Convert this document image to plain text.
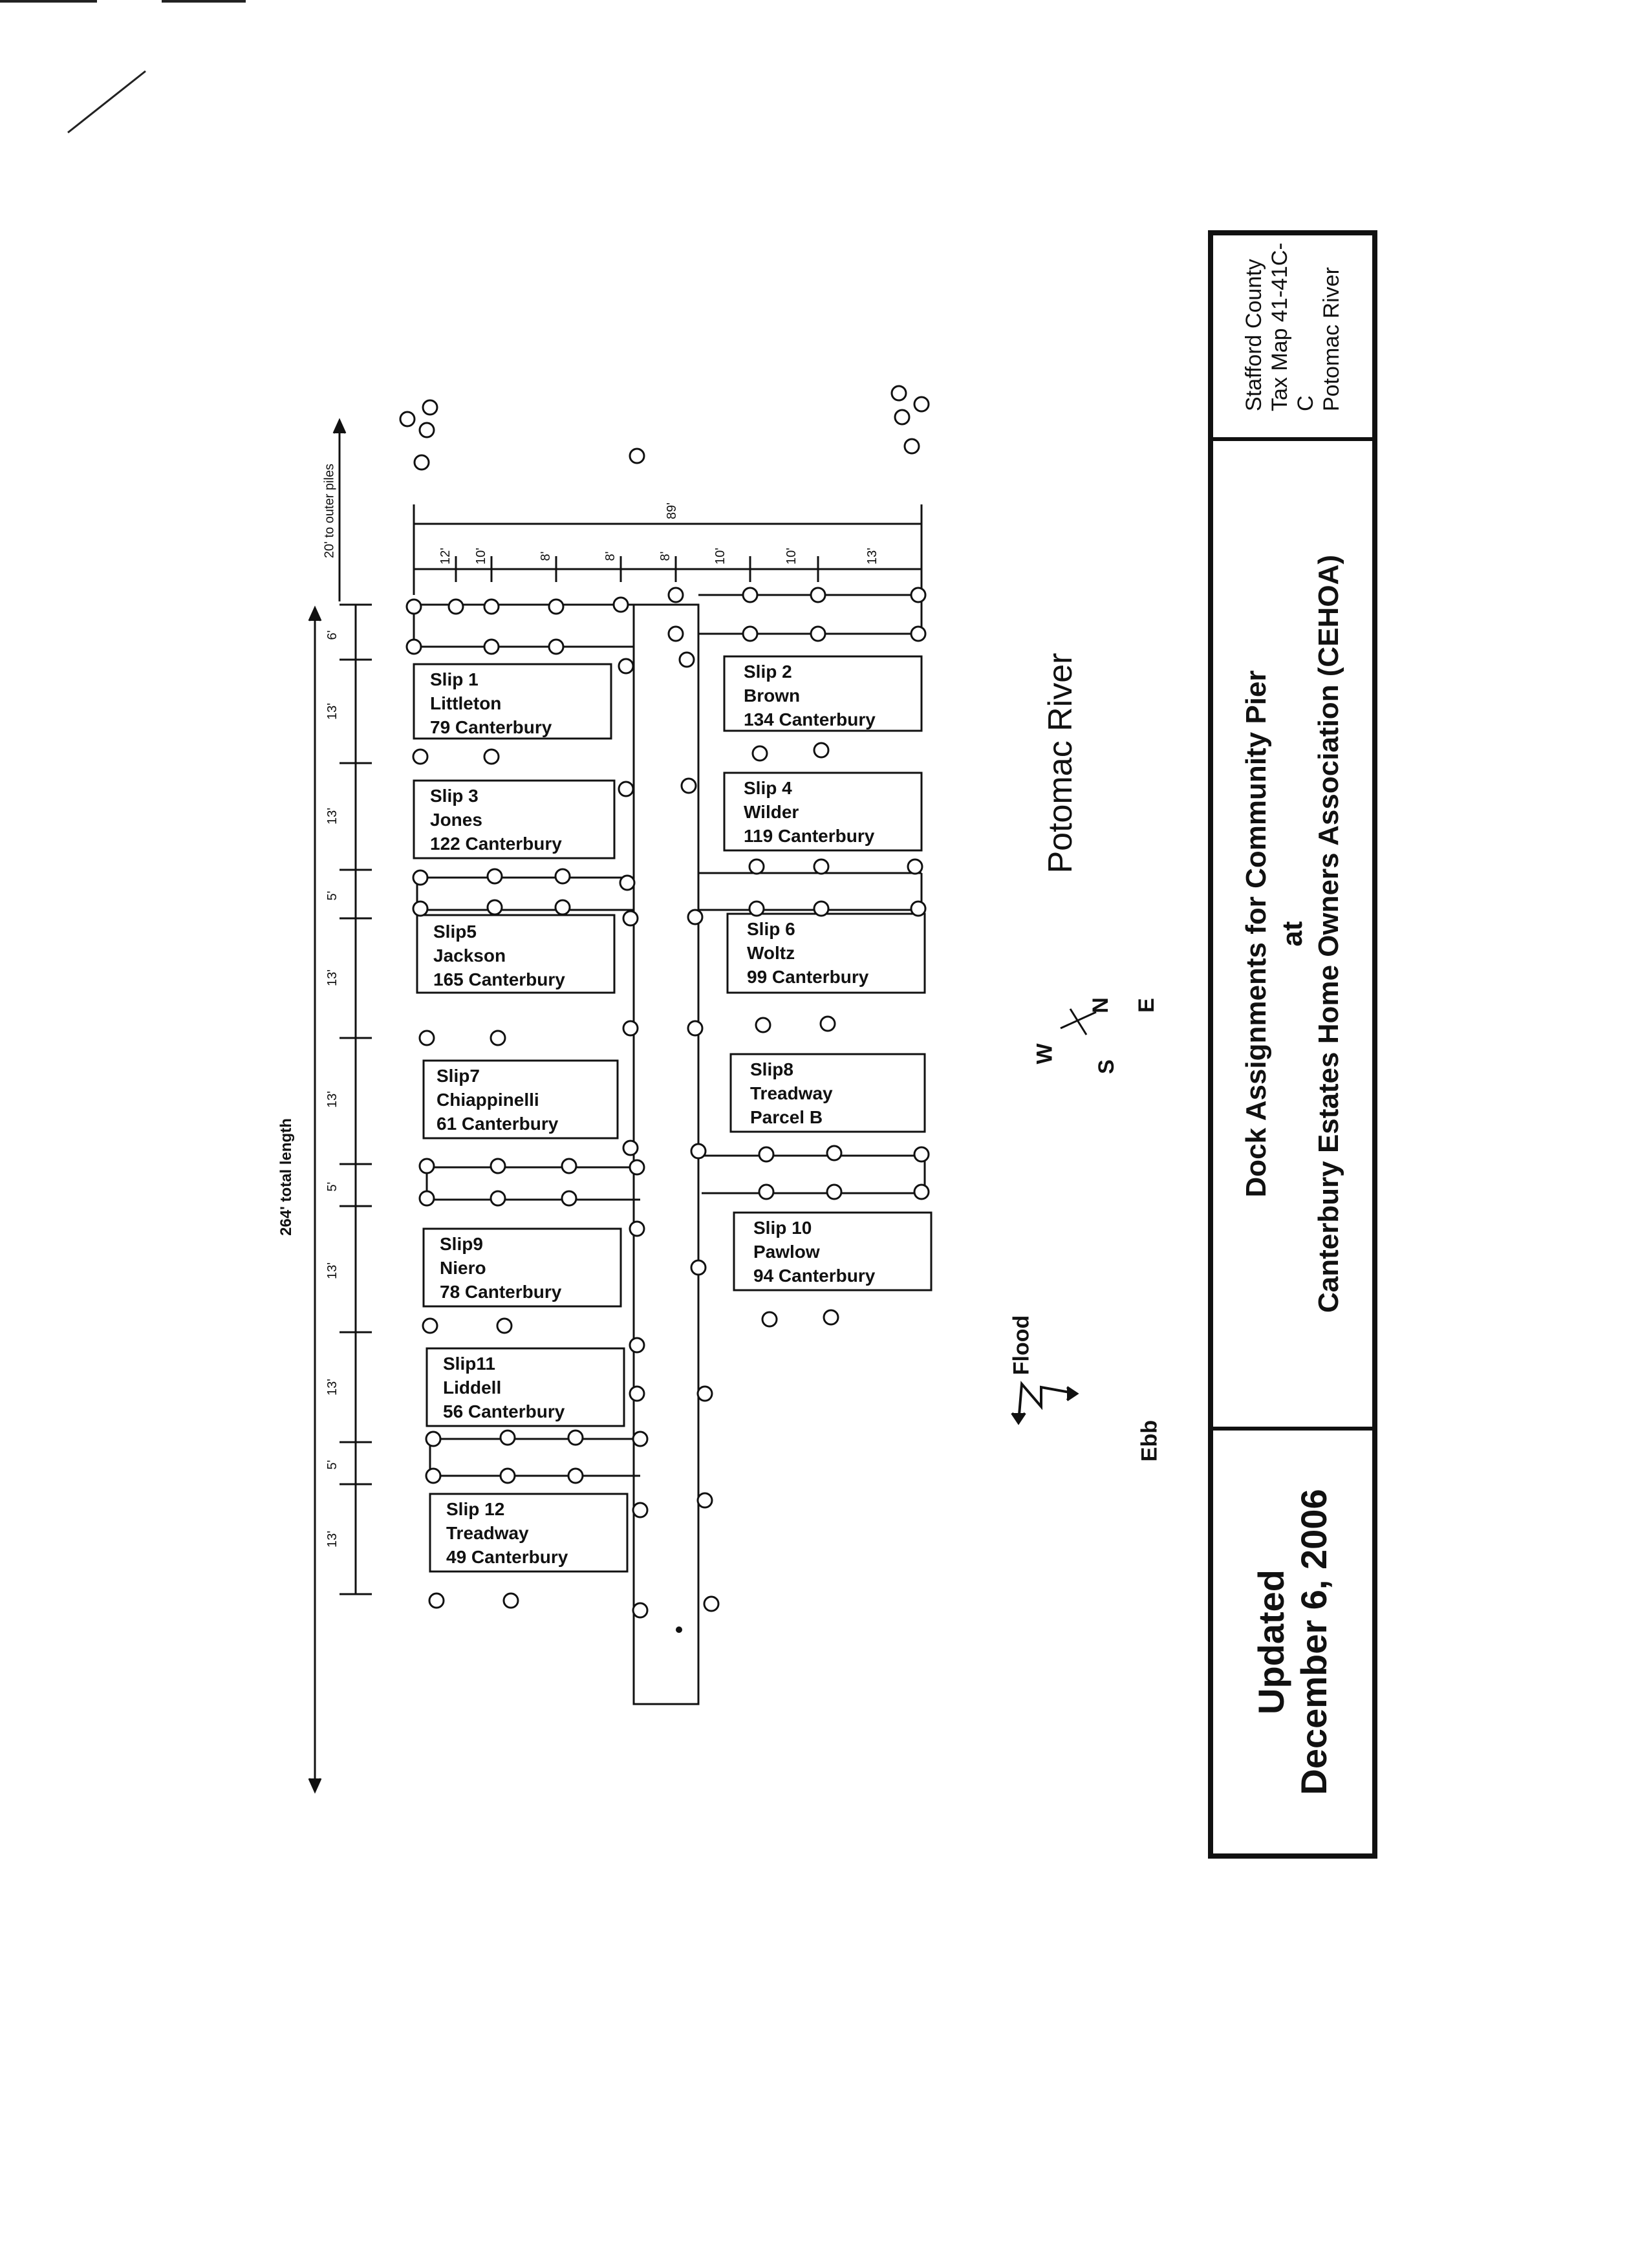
6'
13'
13'
5'
13'
13'
5'
13'
13'
5'
13'
12' 10'	8'	8'	8'	10'	10'	13'
89'
Slip 1
Littleton
79 Canterbury
Slip 2
Brown
134 Canterbury
Slip 3
Jones
122 Canterbury
Slip 4
Wilder
119 Canterbury
Slip5
Jackson
165 Canterbury
Slip 6
Woltz
99 Canterbury
Slip7
Chiappinelli
61 Canterbury
Slip8
Treadway
Parcel B
Slip9
Niero
78 Canterbury
Slip 10
Pawlow
94 Canterbury
Slip11
Liddell
56 Canterbury
Slip 12
Treadway
49 Canterbury
264' total length
20' to outer piles
Potomac River
N
S
E
W
Flood
Ebb
Updated December 6, 2006
Dock Assignments for Community Pier at Canterbury Estates Home Owners Association (CEHOA)
Stafford County Tax Map 41-41C-C Potomac River
